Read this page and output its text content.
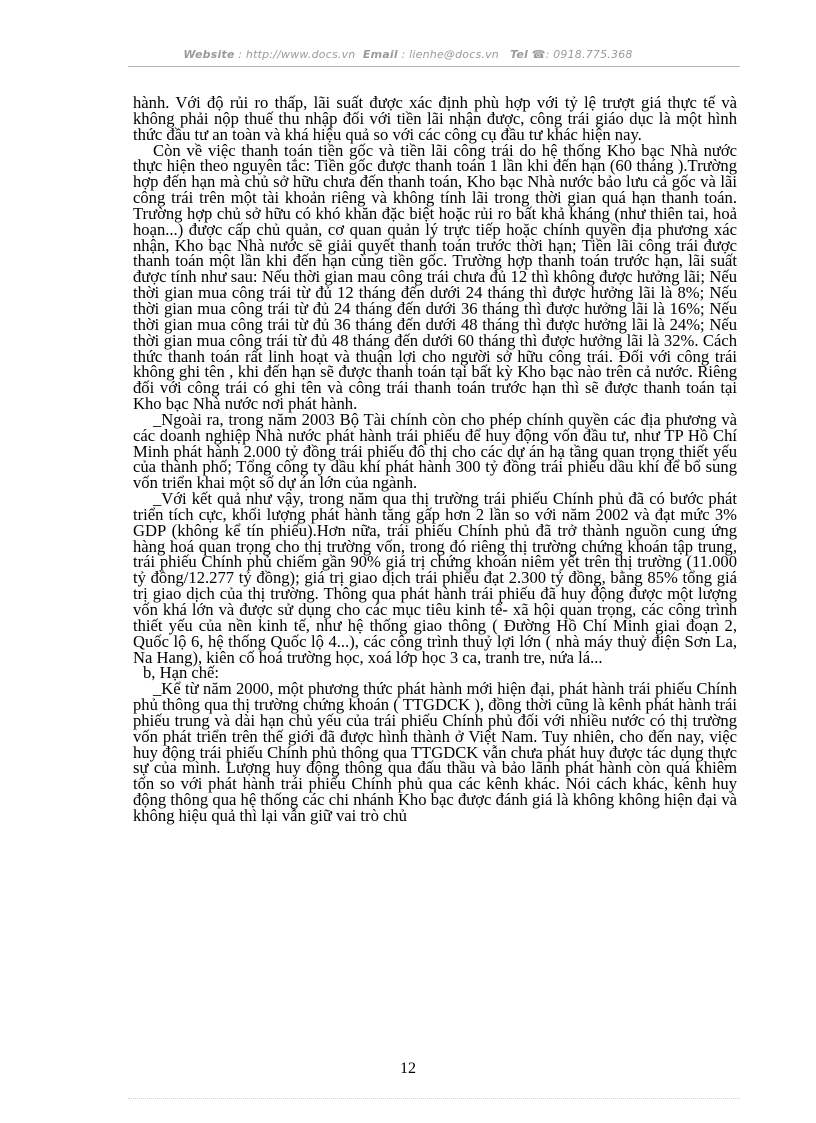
Website : http://www.docs.vn Email : lienhe@docs.vn Tel ☎: 0918.775.368

hành. Với độ rủi ro thấp, lãi suất được xác định phù hợp với tỷ lệ trượt giá thực tế và không phải nộp thuế thu nhập đối với tiền lãi nhận được, công trái giáo dục là một hình thức đầu tư an toàn và khá hiệu quả so với các công cụ đầu tư khác hiện nay.

Còn về việc thanh toán tiền gốc và tiền lãi công trái do hệ thống Kho bạc Nhà nước thực hiện theo nguyên tắc: Tiền gốc được thanh toán 1 lần khi đến hạn (60 tháng ).Trường hợp đến hạn mà chủ sở hữu chưa đến thanh toán, Kho bạc Nhà nước bảo lưu cả gốc và lãi công trái trên một tài khoản riêng và không tính lãi trong thời gian quá hạn thanh toán. Trường hợp chủ sở hữu có khó khăn đặc biệt hoặc rủi ro bất khả kháng (như thiên tai, hoả hoạn...) được cấp chủ quản, cơ quan quản lý trực tiếp hoặc chính quyền địa phương xác nhận, Kho bạc Nhà nước sẽ giải quyết thanh toán trước thời hạn; Tiền lãi công trái được thanh toán một lần khi đến hạn cùng tiền gốc. Trường hợp thanh toán trước hạn, lãi suất được tính như sau: Nếu thời gian mau công trái chưa đủ 12 thì không được hưởng lãi; Nếu thời gian mua công trái từ đủ 12 tháng đến dưới 24 tháng thì được hưởng lãi là 8%; Nếu thời gian mua công trái từ đủ 24 tháng đến dưới 36 tháng thì được hưởng lãi là 16%; Nếu thời gian mua công trái từ đủ 36 tháng đến dưới 48 tháng thì được hưởng lãi là 24%; Nếu thời gian mua công trái từ đủ 48 tháng đến dưới 60 tháng thì được hưởng lãi là 32%. Cách thức thanh toán rất linh hoạt và thuận lợi cho người sở hữu công trái. Đối với công trái không ghi tên , khi đến hạn sẽ được thanh toán tại bất kỳ Kho bạc nào trên cả nước. Riêng đối với công trái có ghi tên và công trái thanh toán trước hạn thì sẽ được thanh toán tại Kho bạc Nhà nước nơi phát hành.

_Ngoài ra, trong năm 2003 Bộ Tài chính còn cho phép chính quyền các địa phương và các doanh nghiệp Nhà nước phát hành trái phiếu để huy động vốn đầu tư, như TP Hồ Chí Minh phát hành 2.000 tỷ đồng trái phiếu đô thị cho các dự án hạ tầng quan trọng thiết yếu của thành phố; Tổng công ty dầu khí phát hành 300 tỷ đồng trái phiếu dầu khí để bổ sung vốn triển khai một số dự án lớn của ngành.

_Với kết quả như vậy, trong năm qua thị trường trái phiếu Chính phủ đã có bước phát triển tích cực, khối lượng phát hành tăng gấp hơn 2 lần so với năm 2002 và đạt mức 3% GDP (không kể tín phiếu).Hơn nữa, trái phiếu Chính phủ đã trở thành nguồn cung ứng hàng hoá quan trọng cho thị trường vốn, trong đó riêng thị trường chứng khoán tập trung, trái phiếu Chính phủ chiếm gần 90% giá trị chứng khoán niêm yết trên thị trường (11.000 tỷ đồng/12.277 tỷ đồng); giá trị giao dịch trái phiếu đạt 2.300 tỷ đồng, bằng 85% tổng giá trị giao dịch của thị trường. Thông qua phát hành trái phiếu đã huy động được một lượng vốn khá lớn và được sử dụng cho các mục tiêu kinh tế- xã hội quan trọng, các công trình thiết yếu của nền kinh tế, như hệ thống giao thông ( Đường Hồ Chí Minh giai đoạn 2, Quốc lộ 6, hệ thống Quốc lộ 4...), các công trình thuỷ lợi lớn ( nhà máy thuỷ điện Sơn La, Na Hang), kiên cố hoá trường học, xoá lớp học 3 ca, tranh tre, nứa lá...

b, Hạn chế:

_Kể từ năm 2000, một phương thức phát hành mới hiện đại, phát hành trái phiếu Chính phủ thông qua thị trường chứng khoán ( TTGDCK ), đồng thời cũng là kênh phát hành trái phiếu trung và dài hạn chủ yếu của trái phiếu Chính phủ đối với nhiều nước có thị trường vốn phát triển trên thế giới đã được hình thành ở Việt Nam. Tuy nhiên, cho đến nay, việc huy động trái phiếu Chính phủ thông qua TTGDCK vẫn chưa phát huy được tác dụng thực sự của mình. Lượng huy động thông qua đấu thầu và bảo lãnh phát hành còn quá khiêm tốn so với phát hành trái phiếu Chính phủ qua các kênh khác. Nói cách khác, kênh huy động thông qua hệ thống các chi nhánh Kho bạc được đánh giá là không không hiện đại và không hiệu quả thì lại vẫn giữ vai trò chủ

12
